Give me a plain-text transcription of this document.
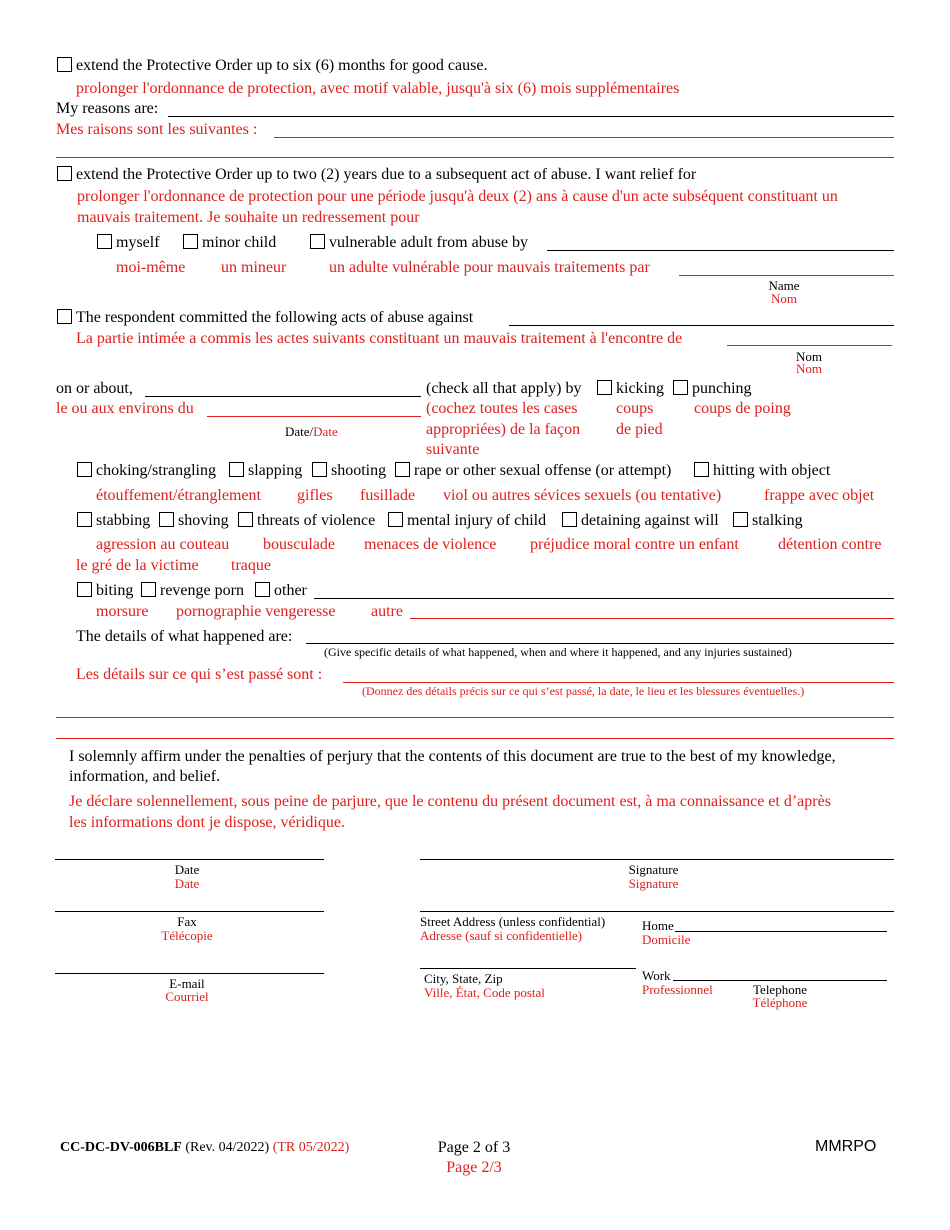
extend the Protective Order up to six (6) months for good cause.
prolonger l'ordonnance de protection, avec motif valable, jusqu'à six (6) mois supplémentaires
My reasons are:
Mes raisons sont les suivantes :
extend the Protective Order up to two (2) years due to a subsequent act of abuse. I want relief for
prolonger l'ordonnance de protection pour une période jusqu'à deux (2) ans à cause d'un acte subséquent constituant un
mauvais traitement. Je souhaite un redressement pour
myself	minor child	vulnerable adult from abuse by
moi-même un mineur	un adulte vulnérable pour mauvais traitements par
Name
Nom
The respondent committed the following acts of abuse against
La partie intimée a commis les actes suivants constituant un mauvais traitement à l'encontre de
Nom
Nom
on or about,	(check all that apply) by kicking punching
le ou aux environs du	(cochez toutes les cases
appropriées) de la façon
suivante
coups
de pied
coups de poing
Date/Date
choking/strangling slapping shooting rape or other sexual offense (or attempt)	hitting with object
étouffement/étranglement gifles fusillade viol ou autres sévices sexuels (ou tentative)	frappe avec objet
stabbing shoving threats of violence mental injury of child detaining against will stalking
agression au couteau bousculade menaces de violence préjudice moral contre un enfant détention contre
le gré de la victime traque
biting revenge porn other
morsure pornographie vengeresse autre
The details of what happened are:
(Give specific details of what happened, when and where it happened, and any injuries sustained)
Les détails sur ce qui s’est passé sont :
(Donnez des détails précis sur ce qui s’est passé, la date, le lieu et les blessures éventuelles.)
I solemnly affirm under the penalties of perjury that the contents of this document are true to the best of my knowledge,
information, and belief.
Je déclare solennellement, sous peine de parjure, que le contenu du présent document est, à ma connaissance et d’après
les informations dont je dispose, véridique.
Date
Date
Fax
Télécopie
E-mail
Courriel
Signature
Signature
Street Address (unless confidential)
Adresse (sauf si confidentielle)
Home
Domicile
City, State, Zip
Ville, État, Code postal
Work
Professionnel	Telephone
Téléphone
CC-DC-DV-006BLF (Rev. 04/2022) (TR 05/2022)	Page 2 of 3
Page 2/3
MMRPO
